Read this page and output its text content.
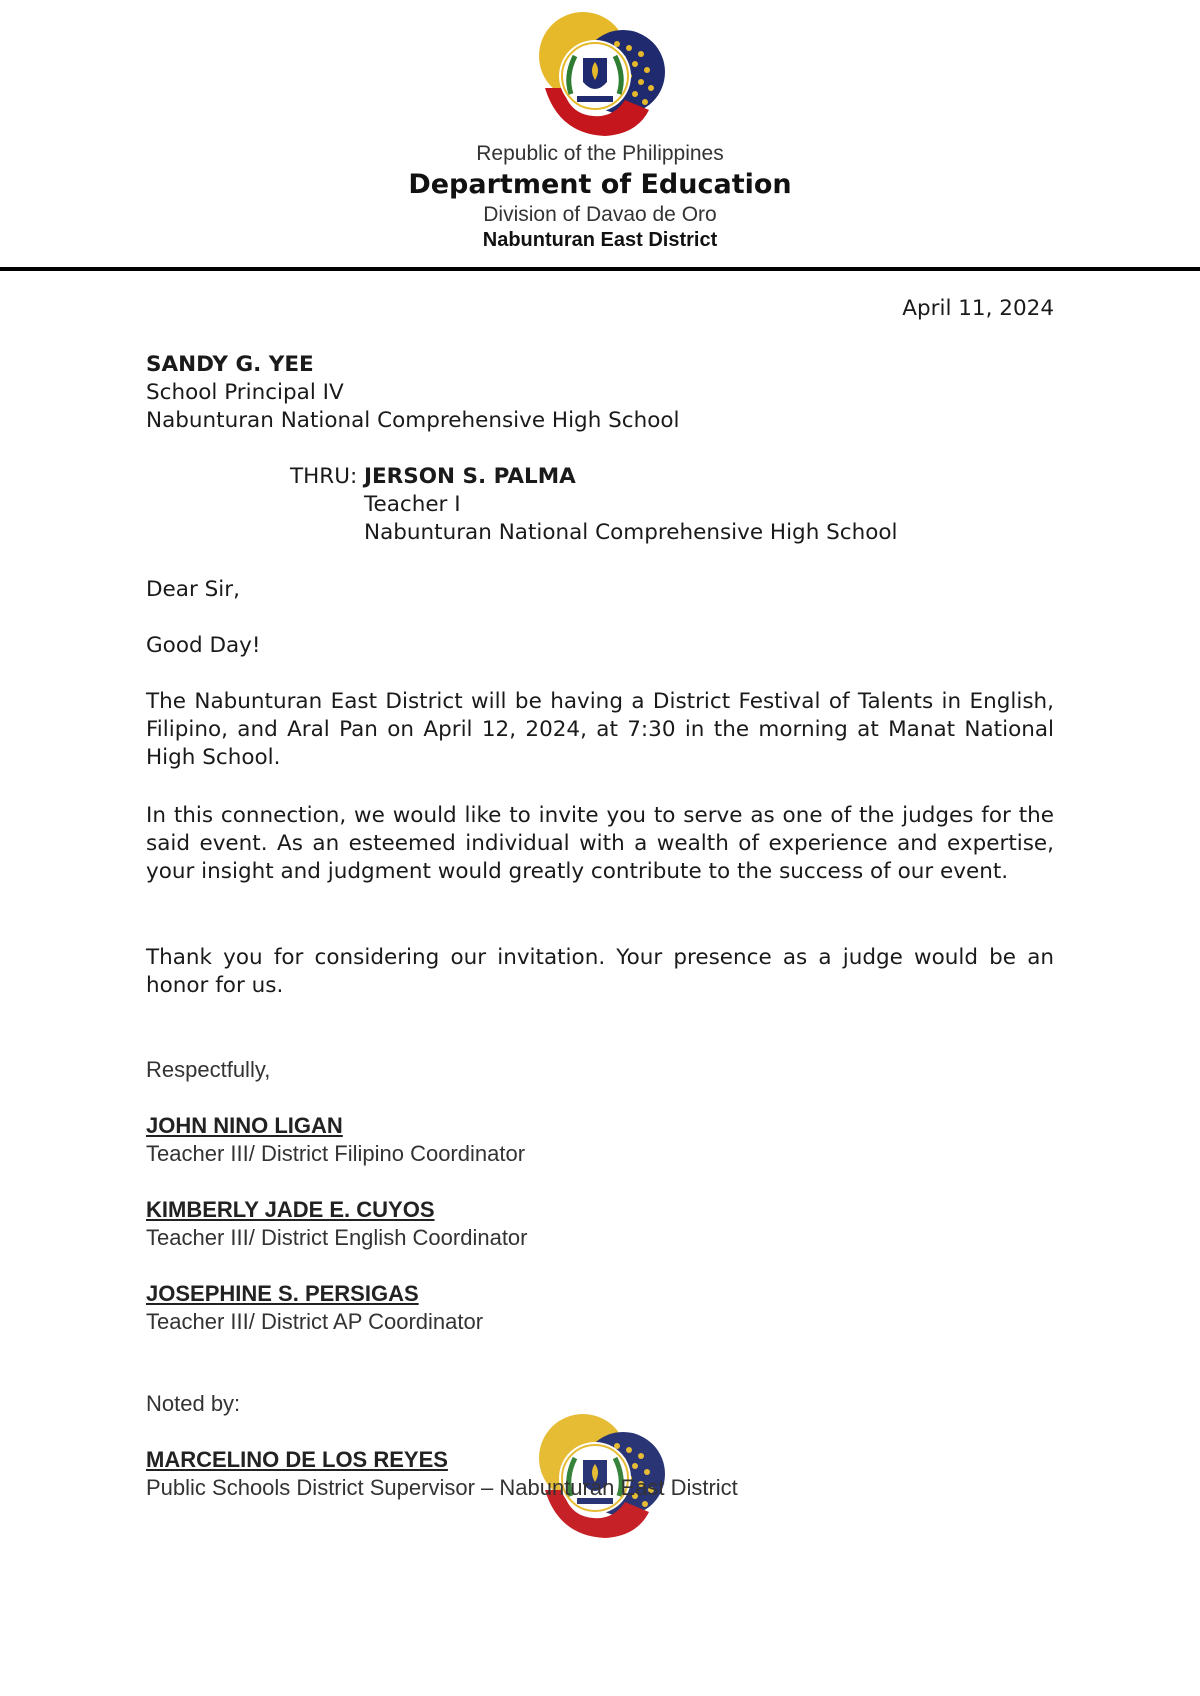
Republic of the Philippines
Department of Education
Division of Davao de Oro
Nabunturan East District
April 11, 2024
SANDY G. YEE
School Principal IV
Nabunturan National Comprehensive High School
THRU: JERSON S. PALMA
Teacher I
Nabunturan National Comprehensive High School
Dear Sir,
Good Day!
The Nabunturan East District will be having a District Festival of Talents in English, Filipino, and Aral Pan on April 12, 2024, at 7:30 in the morning at Manat National High School.
In this connection, we would like to invite you to serve as one of the judges for the said event. As an esteemed individual with a wealth of experience and expertise, your insight and judgment would greatly contribute to the success of our event.
Thank you for considering our invitation. Your presence as a judge would be an honor for us.
Respectfully,
JOHN NINO LIGAN
Teacher III/ District Filipino Coordinator
KIMBERLY JADE E. CUYOS
Teacher III/ District English Coordinator
JOSEPHINE S. PERSIGAS
Teacher III/ District AP Coordinator
Noted by:
MARCELINO DE LOS REYES
Public Schools District Supervisor – Nabunturan East District
